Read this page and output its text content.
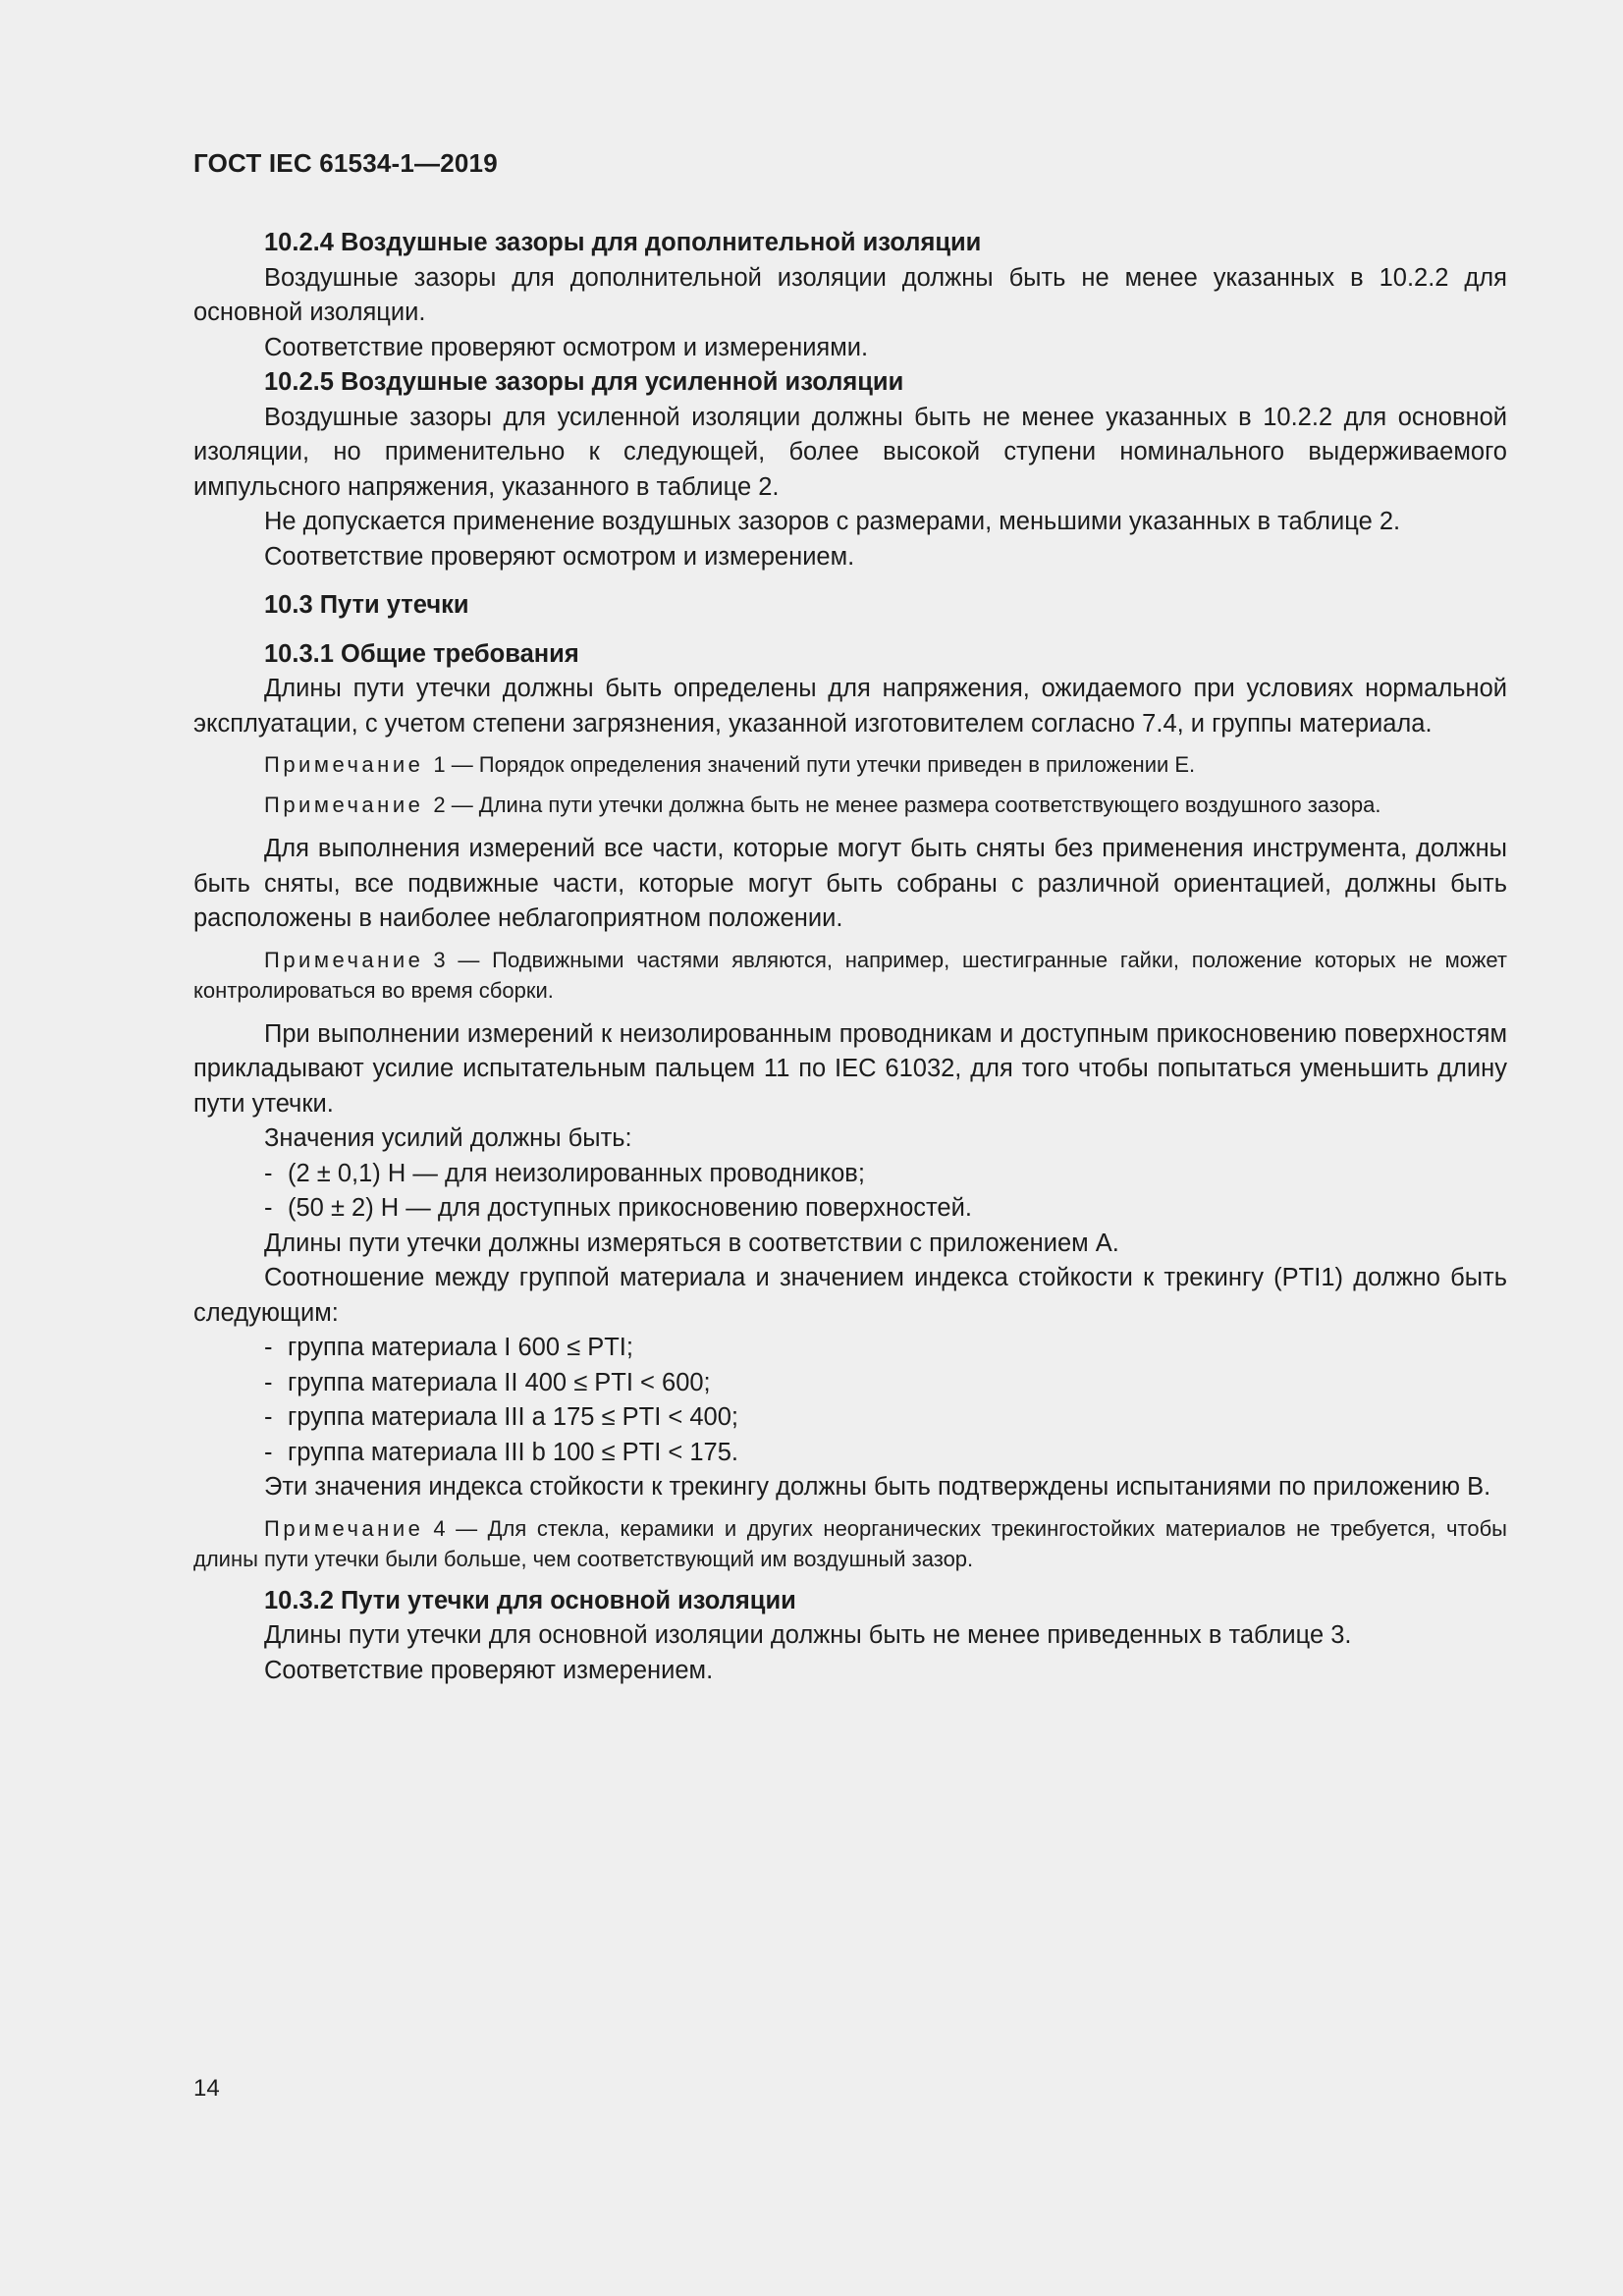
ГОСТ IEC 61534-1—2019

10.2.4 Воздушные зазоры для дополнительной изоляции

Воздушные зазоры для дополнительной изоляции должны быть не менее указанных в 10.2.2 для основной изоляции.

Соответствие проверяют осмотром и измерениями.

10.2.5 Воздушные зазоры для усиленной изоляции

Воздушные зазоры для усиленной изоляции должны быть не менее указанных в 10.2.2 для основной изоляции, но применительно к следующей, более высокой ступени номинального выдерживаемого импульсного напряжения, указанного в таблице 2.

Не допускается применение воздушных зазоров с размерами, меньшими указанных в таблице 2.

Соответствие проверяют осмотром и измерением.

10.3 Пути утечки

10.3.1 Общие требования

Длины пути утечки должны быть определены для напряжения, ожидаемого при условиях нормальной эксплуатации, с учетом степени загрязнения, указанной изготовителем согласно 7.4, и группы материала.

Примечание 1 — Порядок определения значений пути утечки приведен в приложении Е.

Примечание 2 — Длина пути утечки должна быть не менее размера соответствующего воздушного зазора.

Для выполнения измерений все части, которые могут быть сняты без применения инструмента, должны быть сняты, все подвижные части, которые могут быть собраны с различной ориентацией, должны быть расположены в наиболее неблагоприятном положении.

Примечание 3 — Подвижными частями являются, например, шестигранные гайки, положение которых не может контролироваться во время сборки.

При выполнении измерений к неизолированным проводникам и доступным прикосновению поверхностям прикладывают усилие испытательным пальцем 11 по IEC 61032, для того чтобы попытаться уменьшить длину пути утечки.

Значения усилий должны быть:

- (2 ± 0,1) Н — для неизолированных проводников;
- (50 ± 2) Н — для доступных прикосновению поверхностей.

Длины пути утечки должны измеряться в соответствии с приложением А.

Соотношение между группой материала и значением индекса стойкости к трекингу (PTI1) должно быть следующим:

- группа материала I 600 ≤ PTI;
- группа материала II 400 ≤ PTI < 600;
- группа материала III а 175 ≤ PTI < 400;
- группа материала III b 100 ≤ PTI < 175.

Эти значения индекса стойкости к трекингу должны быть подтверждены испытаниями по приложению В.

Примечание 4 — Для стекла, керамики и других неорганических трекингостойких материалов не требуется, чтобы длины пути утечки были больше, чем соответствующий им воздушный зазор.

10.3.2 Пути утечки для основной изоляции

Длины пути утечки для основной изоляции должны быть не менее приведенных в таблице 3.

Соответствие проверяют измерением.

14
